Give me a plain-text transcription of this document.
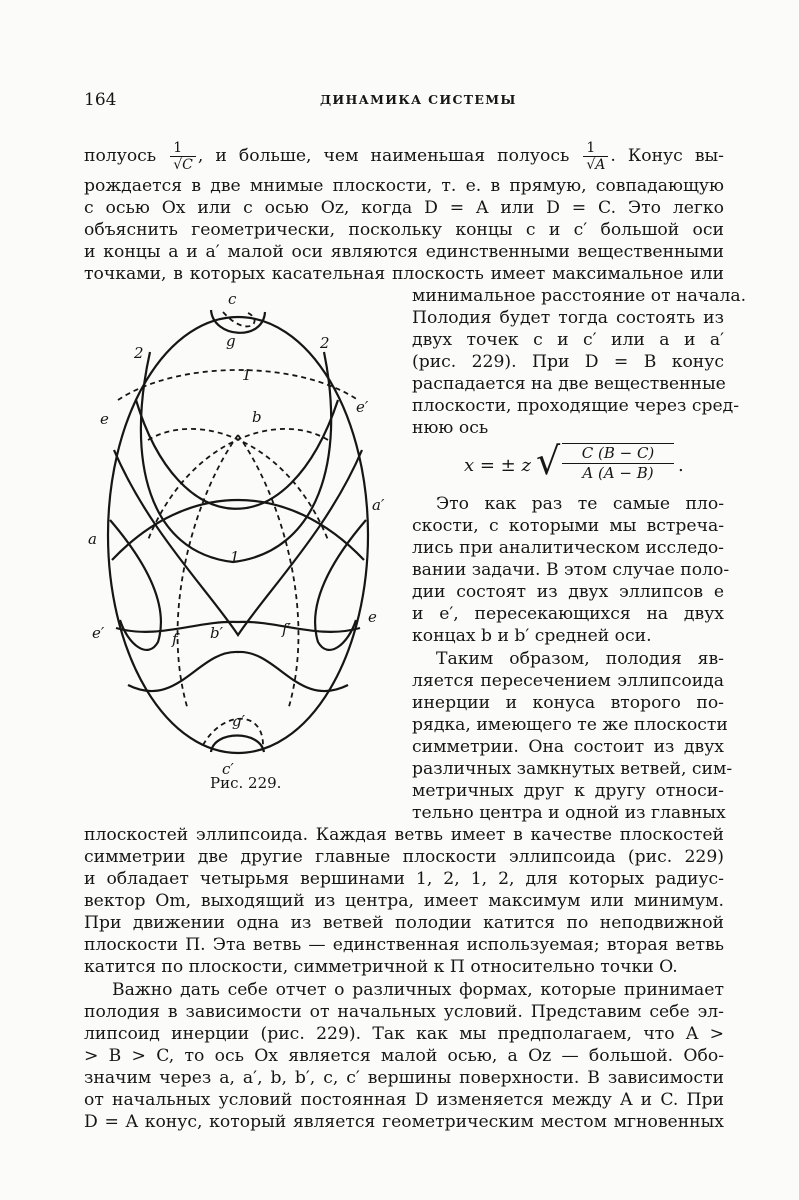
164	ДИНАМИКА СИСТЕМЫ
полуось $\frac{1}{√C}$ , и больше, чем наименьшая полуось $\frac{1}{√A}$ . Конус вы-
рождается в две мнимые плоскости, т. е. в прямую, совпадающую
с осью Ox или с осью Oz, когда D = A или D = C. Это легко
объяснить геометрически, поскольку концы c и c′ большой оси
и концы a и a′ малой оси являются единственными вещественными
точками, в которых касательная плоскость имеет максимальное или
минимальное расстояние от начала.
Полодия будет тогда состоять из
двух точек c и c′ или a и a′
(рис. 229). При D = B конус
распадается на две вещественные
плоскости, проходящие через сред-
нюю ось
x = ± z √ $\frac{C (B - C)}{A (A - B)}$ .
Это как раз те самые пло-
скости, с которыми мы встреча-
лись при аналитическом исследо-
вании задачи. В этом случае поло-
дии состоят из двух эллипсов e
и e′, пересекающихся на двух
концах b и b′ средней оси.
Таким образом, полодия яв-
ляется пересечением эллипсоида
инерции и конуса второго по-
рядка, имеющего те же плоскости
симметрии. Она состоит из двух
различных замкнутых ветвей, сим-
метричных друг к другу относи-
тельно центра и одной из главных
плоскостей эллипсоида. Каждая ветвь имеет в качестве плоскостей
симметрии две другие главные плоскости эллипсоида (рис. 229)
и обладает четырьмя вершинами 1, 2, 1, 2, для которых радиус-
вектор Om, выходящий из центра, имеет максимум или минимум.
При движении одна из ветвей полодии катится по неподвижной
плоскости П. Эта ветвь — единственная используемая; вторая ветвь
катится по плоскости, симметричной к П относительно точки O.
Важно дать себе отчет о различных формах, которые принимает
полодия в зависимости от начальных условий. Представим себе эл-
липсоид инерции (рис. 229). Так как мы предполагаем, что A >
> B > C, то ось Ox является малой осью, а Oz — большой. Обо-
значим через a, a′, b, b′, c, c′ вершины поверхности. В зависимости
от начальных условий постоянная D изменяется между A и C. При
D = A конус, который является геометрическим местом мгновенных
c
g
2
2
1
e	b
e′
a′
a
1
e′	f b′	f′
e
g′
c′
Рис. 229.
